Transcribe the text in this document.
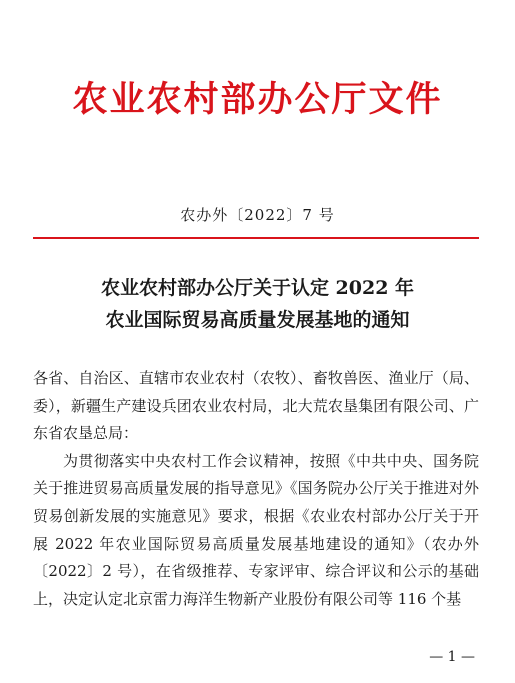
农业农村部办公厅文件
农办外〔2022〕7 号
农业农村部办公厅关于认定 2022 年
农业国际贸易高质量发展基地的通知

各省、自治区、直辖市农业农村（农牧）、畜牧兽医、渔业厅（局、委），新疆生产建设兵团农业农村局，北大荒农垦集团有限公司、广东省农垦总局：

为贯彻落实中央农村工作会议精神，按照《中共中央、国务院关于推进贸易高质量发展的指导意见》《国务院办公厅关于推进对外贸易创新发展的实施意见》要求，根据《农业农村部办公厅关于开展 2022 年农业国际贸易高质量发展基地建设的通知》（农办外〔2022〕2 号），在省级推荐、专家评审、综合评议和公示的基础上，决定认定北京雷力海洋生物新产业股份有限公司等 116 个基

— 1 —
